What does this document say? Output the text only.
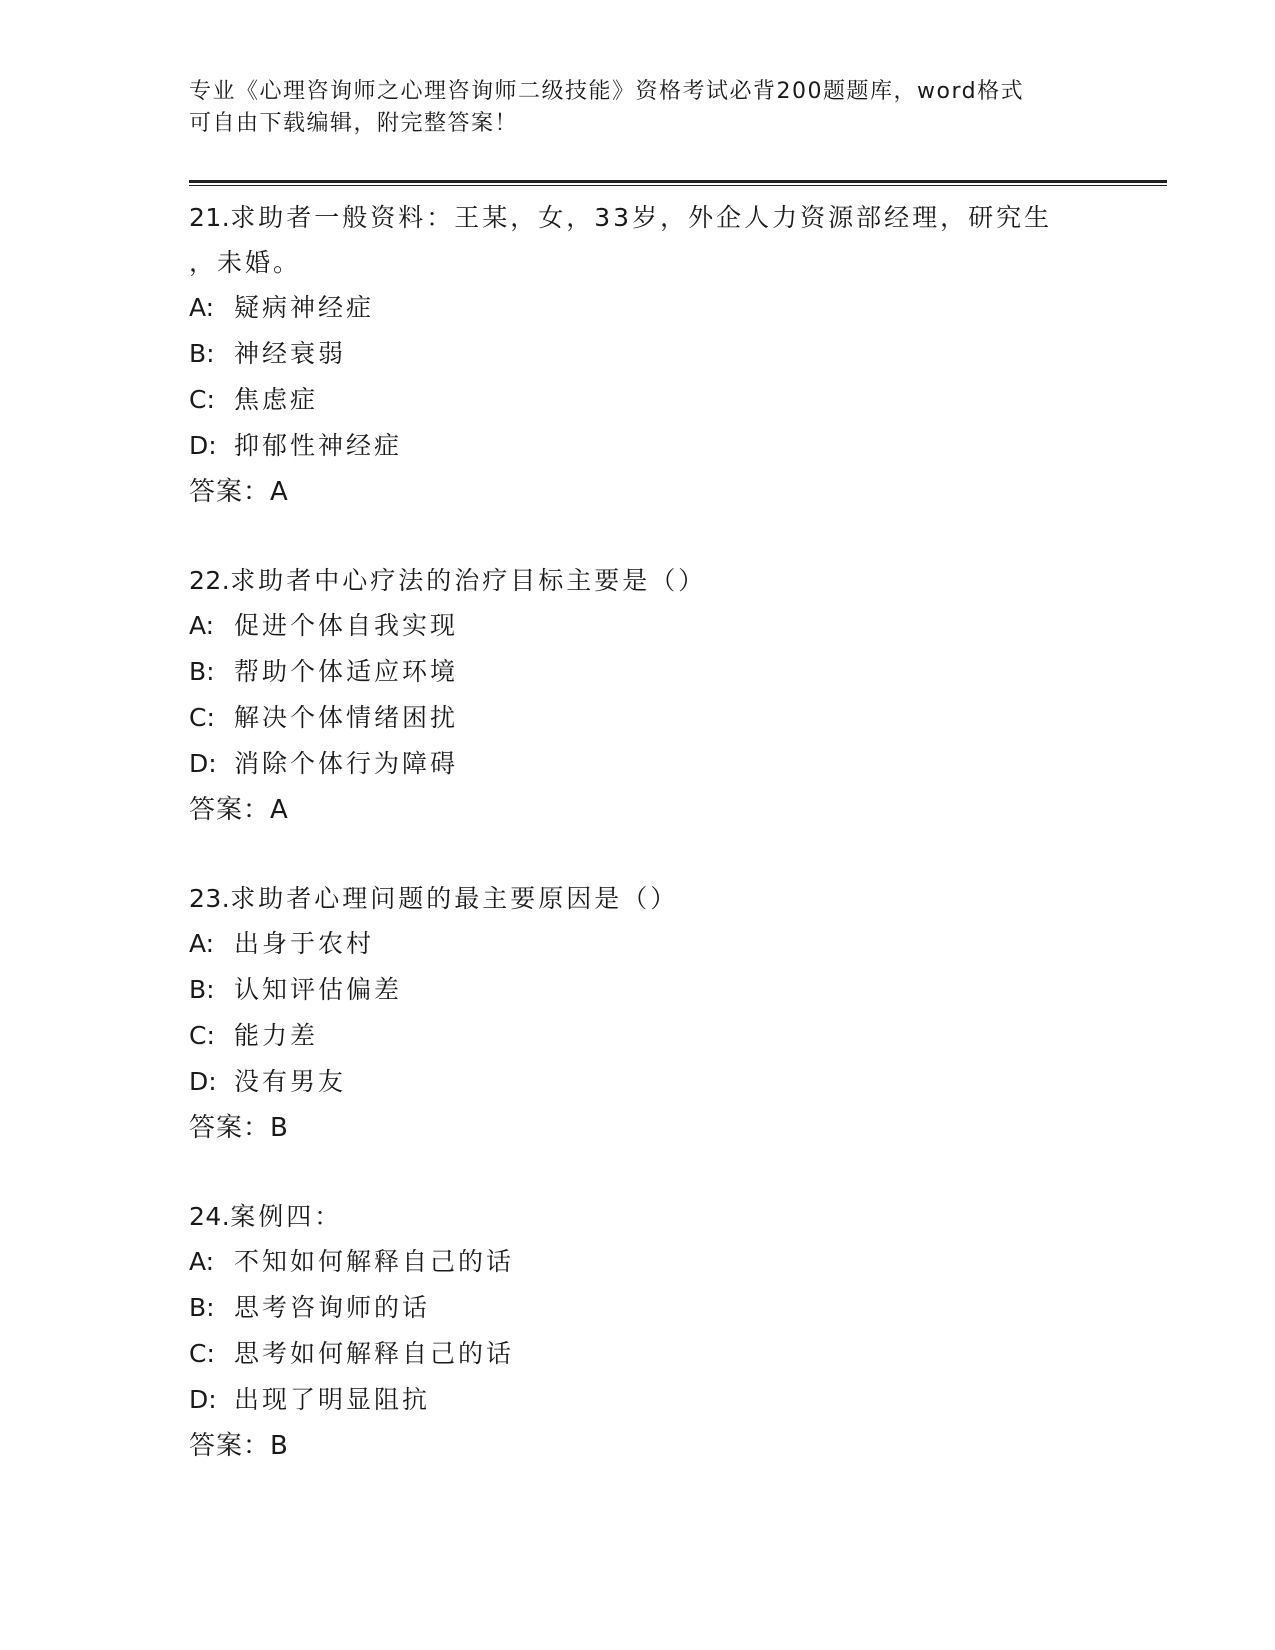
专业《心理咨询师之心理咨询师二级技能》资格考试必背200题题库，word格式
可自由下载编辑，附完整答案！

21.求助者一般资料：王某，女，33岁，外企人力资源部经理，研究生
，未婚。

A: 疑病神经症

B: 神经衰弱

C: 焦虑症

D: 抑郁性神经症

答案：A

22.求助者中心疗法的治疗目标主要是（）

A: 促进个体自我实现

B: 帮助个体适应环境

C: 解决个体情绪困扰

D: 消除个体行为障碍

答案：A

23.求助者心理问题的最主要原因是（）

A: 出身于农村

B: 认知评估偏差

C: 能力差

D: 没有男友

答案：B

24.案例四：

A: 不知如何解释自己的话

B: 思考咨询师的话

C: 思考如何解释自己的话

D: 出现了明显阻抗

答案：B
